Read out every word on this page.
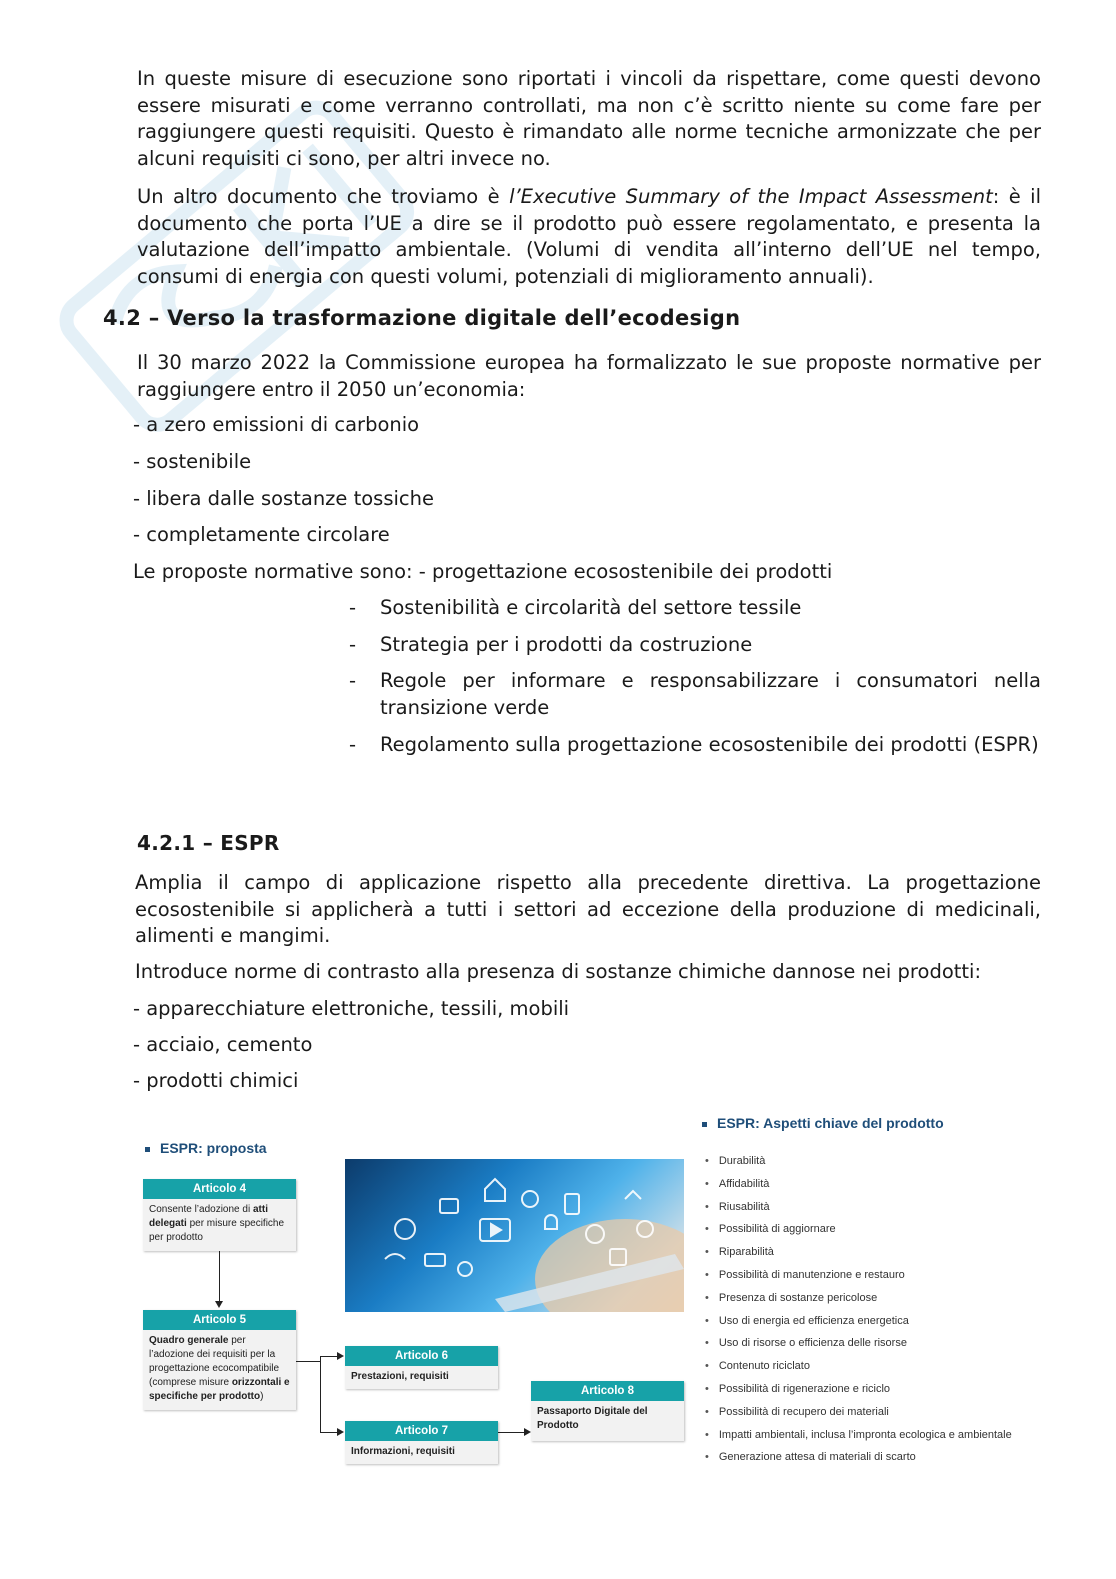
In queste misure di esecuzione sono riportati i vincoli da rispettare, come questi devono essere misurati e come verranno controllati, ma non c’è scritto niente su come fare per raggiungere questi requisiti. Questo è rimandato alle norme tecniche armonizzate che per alcuni requisiti ci sono, per altri invece no.
Un altro documento che troviamo è l’Executive Summary of the Impact Assessment: è il documento che porta l’UE a dire se il prodotto può essere regolamentato, e presenta la valutazione dell’impatto ambientale. (Volumi di vendita all’interno dell’UE nel tempo, consumi di energia con questi volumi, potenziali di miglioramento annuali).
4.2 – Verso la trasformazione digitale dell’ecodesign
Il 30 marzo 2022 la Commissione europea ha formalizzato le sue proposte normative per raggiungere entro il 2050 un’economia:
- a zero emissioni di carbonio
- sostenibile
- libera dalle sostanze tossiche
- completamente circolare
Le proposte normative sono: - progettazione ecosostenibile dei prodotti
- Sostenibilità e circolarità del settore tessile
- Strategia per i prodotti da costruzione
- Regole per informare e responsabilizzare i consumatori nella transizione verde
- Regolamento sulla progettazione ecosostenibile dei prodotti (ESPR)
4.2.1 – ESPR
Amplia il campo di applicazione rispetto alla precedente direttiva. La progettazione ecosostenibile si applicherà a tutti i settori ad eccezione della produzione di medicinali, alimenti e mangimi.
Introduce norme di contrasto alla presenza di sostanze chimiche dannose nei prodotti:
- apparecchiature elettroniche, tessili, mobili
- acciaio, cemento
- prodotti chimici
ESPR: proposta
ESPR: Aspetti chiave del prodotto
Articolo 4
Consente l’adozione di atti delegati per misure specifiche per prodotto
Articolo 5
Quadro generale per l’adozione dei requisiti per la progettazione ecocompatibile (comprese misure orizzontali e specifiche per prodotto)
Articolo 6
Prestazioni, requisiti
Articolo 7
Informazioni, requisiti
Articolo 8
Passaporto Digitale del Prodotto
• Durabilità
• Affidabilità
• Riusabilità
• Possibilità di aggiornare
• Riparabilità
• Possibilità di manutenzione e restauro
• Presenza di sostanze pericolose
• Uso di energia ed efficienza energetica
• Uso di risorse o efficienza delle risorse
• Contenuto riciclato
• Possibilità di rigenerazione e riciclo
• Possibilità di recupero dei materiali
• Impatti ambientali, inclusa l’impronta ecologica e ambientale
• Generazione attesa di materiali di scarto
